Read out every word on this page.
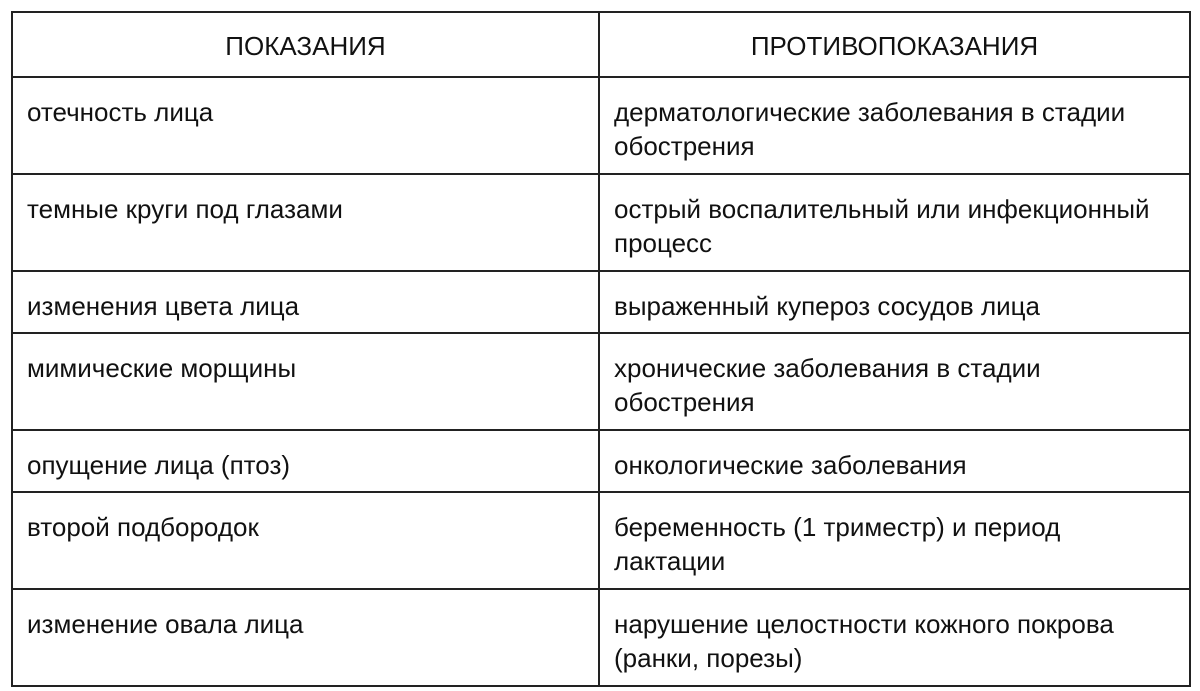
ПОКАЗАНИЯ	ПРОТИВОПОКАЗАНИЯ
отечность лица	дерматологические заболевания в стадии обострения
темные круги под глазами	острый воспалительный или инфекционный процесс
изменения цвета лица	выраженный купероз сосудов лица
мимические морщины	хронические заболевания в стадии обострения
опущение лица (птоз)	онкологические заболевания
второй подбородок	беременность (1 триместр) и период лактации
изменение овала лица	нарушение целостности кожного покрова (ранки, порезы)
